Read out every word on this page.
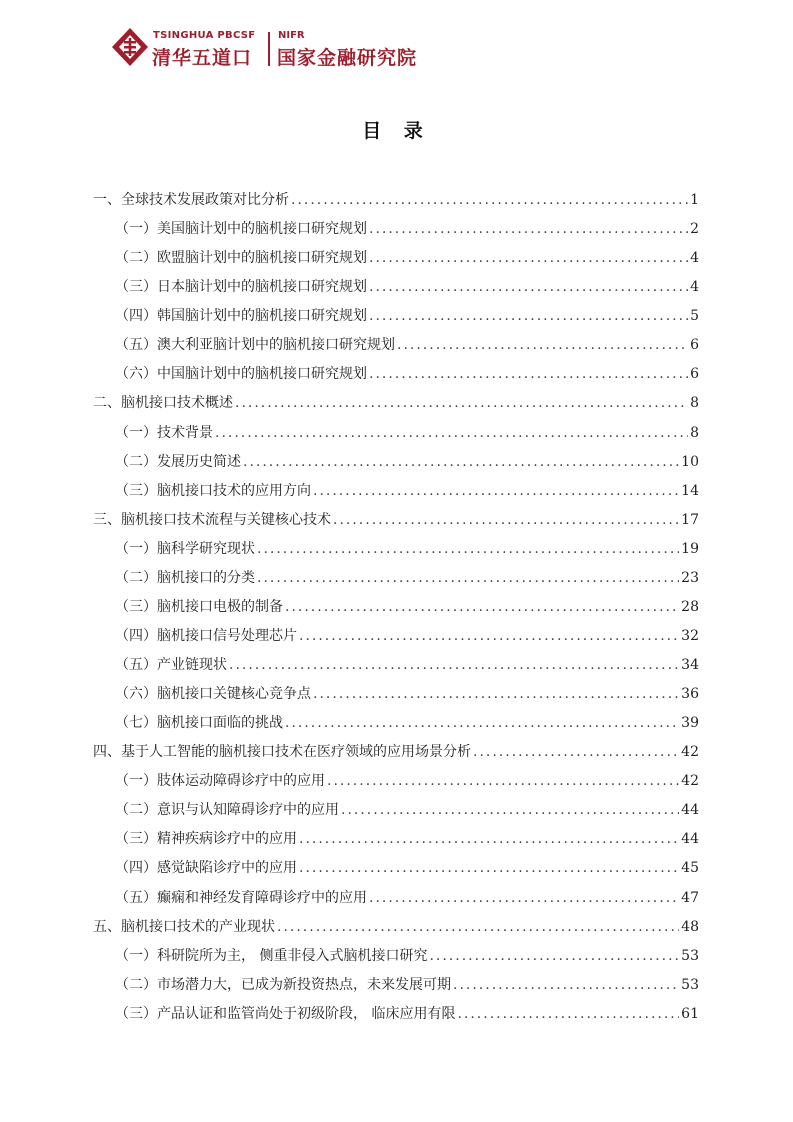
TSINGHUA PBCSF
清华五道口
NIFR
国家金融研究院
目 录
一、全球技术发展政策对比分析 .....	1
（一）美国脑计划中的脑机接口研究规划 .....	2
（二）欧盟脑计划中的脑机接口研究规划 .....	4
（三）日本脑计划中的脑机接口研究规划 .....	4
（四）韩国脑计划中的脑机接口研究规划 .....	5
（五）澳大利亚脑计划中的脑机接口研究规划 .....	6
（六）中国脑计划中的脑机接口研究规划 .....	6
二、脑机接口技术概述 .....	8
（一）技术背景 .....	8
（二）发展历史简述 .....	10
（三）脑机接口技术的应用方向 .....	14
三、脑机接口技术流程与关键核心技术 .....	17
（一）脑科学研究现状 .....	19
（二）脑机接口的分类 .....	23
（三）脑机接口电极的制备 .....	28
（四）脑机接口信号处理芯片 .....	32
（五）产业链现状 .....	34
（六）脑机接口关键核心竞争点 .....	36
（七）脑机接口面临的挑战 .....	39
四、基于人工智能的脑机接口技术在医疗领域的应用场景分析 .....	42
（一）肢体运动障碍诊疗中的应用 .....	42
（二）意识与认知障碍诊疗中的应用 .....	44
（三）精神疾病诊疗中的应用 .....	44
（四）感觉缺陷诊疗中的应用 .....	45
（五）癫痫和神经发育障碍诊疗中的应用 .....	47
五、脑机接口技术的产业现状 .....	48
（一）科研院所为主， 侧重非侵入式脑机接口研究 .....	53
（二）市场潜力大，已成为新投资热点，未来发展可期 .....	53
（三）产品认证和监管尚处于初级阶段， 临床应用有限 .....	61
